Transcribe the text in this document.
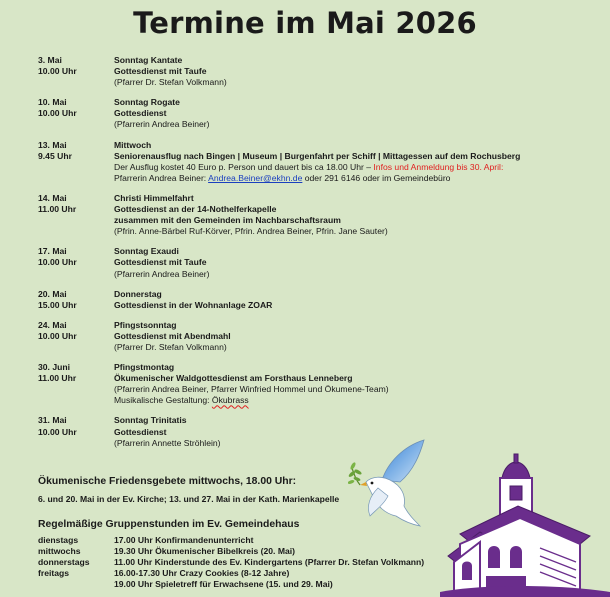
Termine im Mai 2026
3. Mai	Sonntag Kantate
10.00 Uhr	Gottesdienst mit Taufe
(Pfarrer Dr. Stefan Volkmann)
10. Mai	Sonntag Rogate
10.00 Uhr	Gottesdienst
(Pfarrerin Andrea Beiner)
13. Mai	Mittwoch
9.45 Uhr	Seniorenausflug nach Bingen | Museum | Burgenfahrt per Schiff | Mittagessen auf dem Rochusberg
Der Ausflug kostet 40 Euro p. Person und dauert bis ca 18.00 Uhr – Infos und Anmeldung bis 30. April:
Pfarrerin Andrea Beiner: Andrea.Beiner@ekhn.de oder 291 6146 oder im Gemeindebüro
14. Mai	Christi Himmelfahrt
11.00 Uhr	Gottesdienst an der 14-Nothelferkapelle
zusammen mit den Gemeinden im Nachbarschaftsraum
(Pfrin. Anne-Bärbel Ruf-Körver, Pfrin. Andrea Beiner, Pfrin. Jane Sauter)
17. Mai	Sonntag Exaudi
10.00 Uhr	Gottesdienst mit Taufe
(Pfarrerin Andrea Beiner)
20. Mai	Donnerstag
15.00 Uhr	Gottesdienst in der Wohnanlage ZOAR
24. Mai	Pfingstsonntag
10.00 Uhr	Gottesdienst mit Abendmahl
(Pfarrer Dr. Stefan Volkmann)
30. Juni	Pfingstmontag
11.00 Uhr	Ökumenischer Waldgottesdienst am Forsthaus Lenneberg
(Pfarrerin Andrea Beiner, Pfarrer Winfried Hommel und Ökumene-Team)
Musikalische Gestaltung: Ökubrass
31. Mai	Sonntag Trinitatis
10.00 Uhr	Gottesdienst
(Pfarrerin Annette Ströhlein)
Ökumenische Friedensgebete mittwochs, 18.00 Uhr:
6. und 20. Mai in der Ev. Kirche; 13. und 27. Mai in der Kath. Marienkapelle
Regelmäßige Gruppenstunden im Ev. Gemeindehaus
dienstags	17.00 Uhr Konfirmandenunterricht
mittwochs	19.30 Uhr Ökumenischer Bibelkreis (20. Mai)
donnerstags	11.00 Uhr Kinderstunde des Ev. Kindergartens (Pfarrer Dr. Stefan Volkmann)
freitags	16.00-17.30 Uhr Crazy Cookies (8-12 Jahre)
19.00 Uhr Spieletreff für Erwachsene (15. und 29. Mai)
